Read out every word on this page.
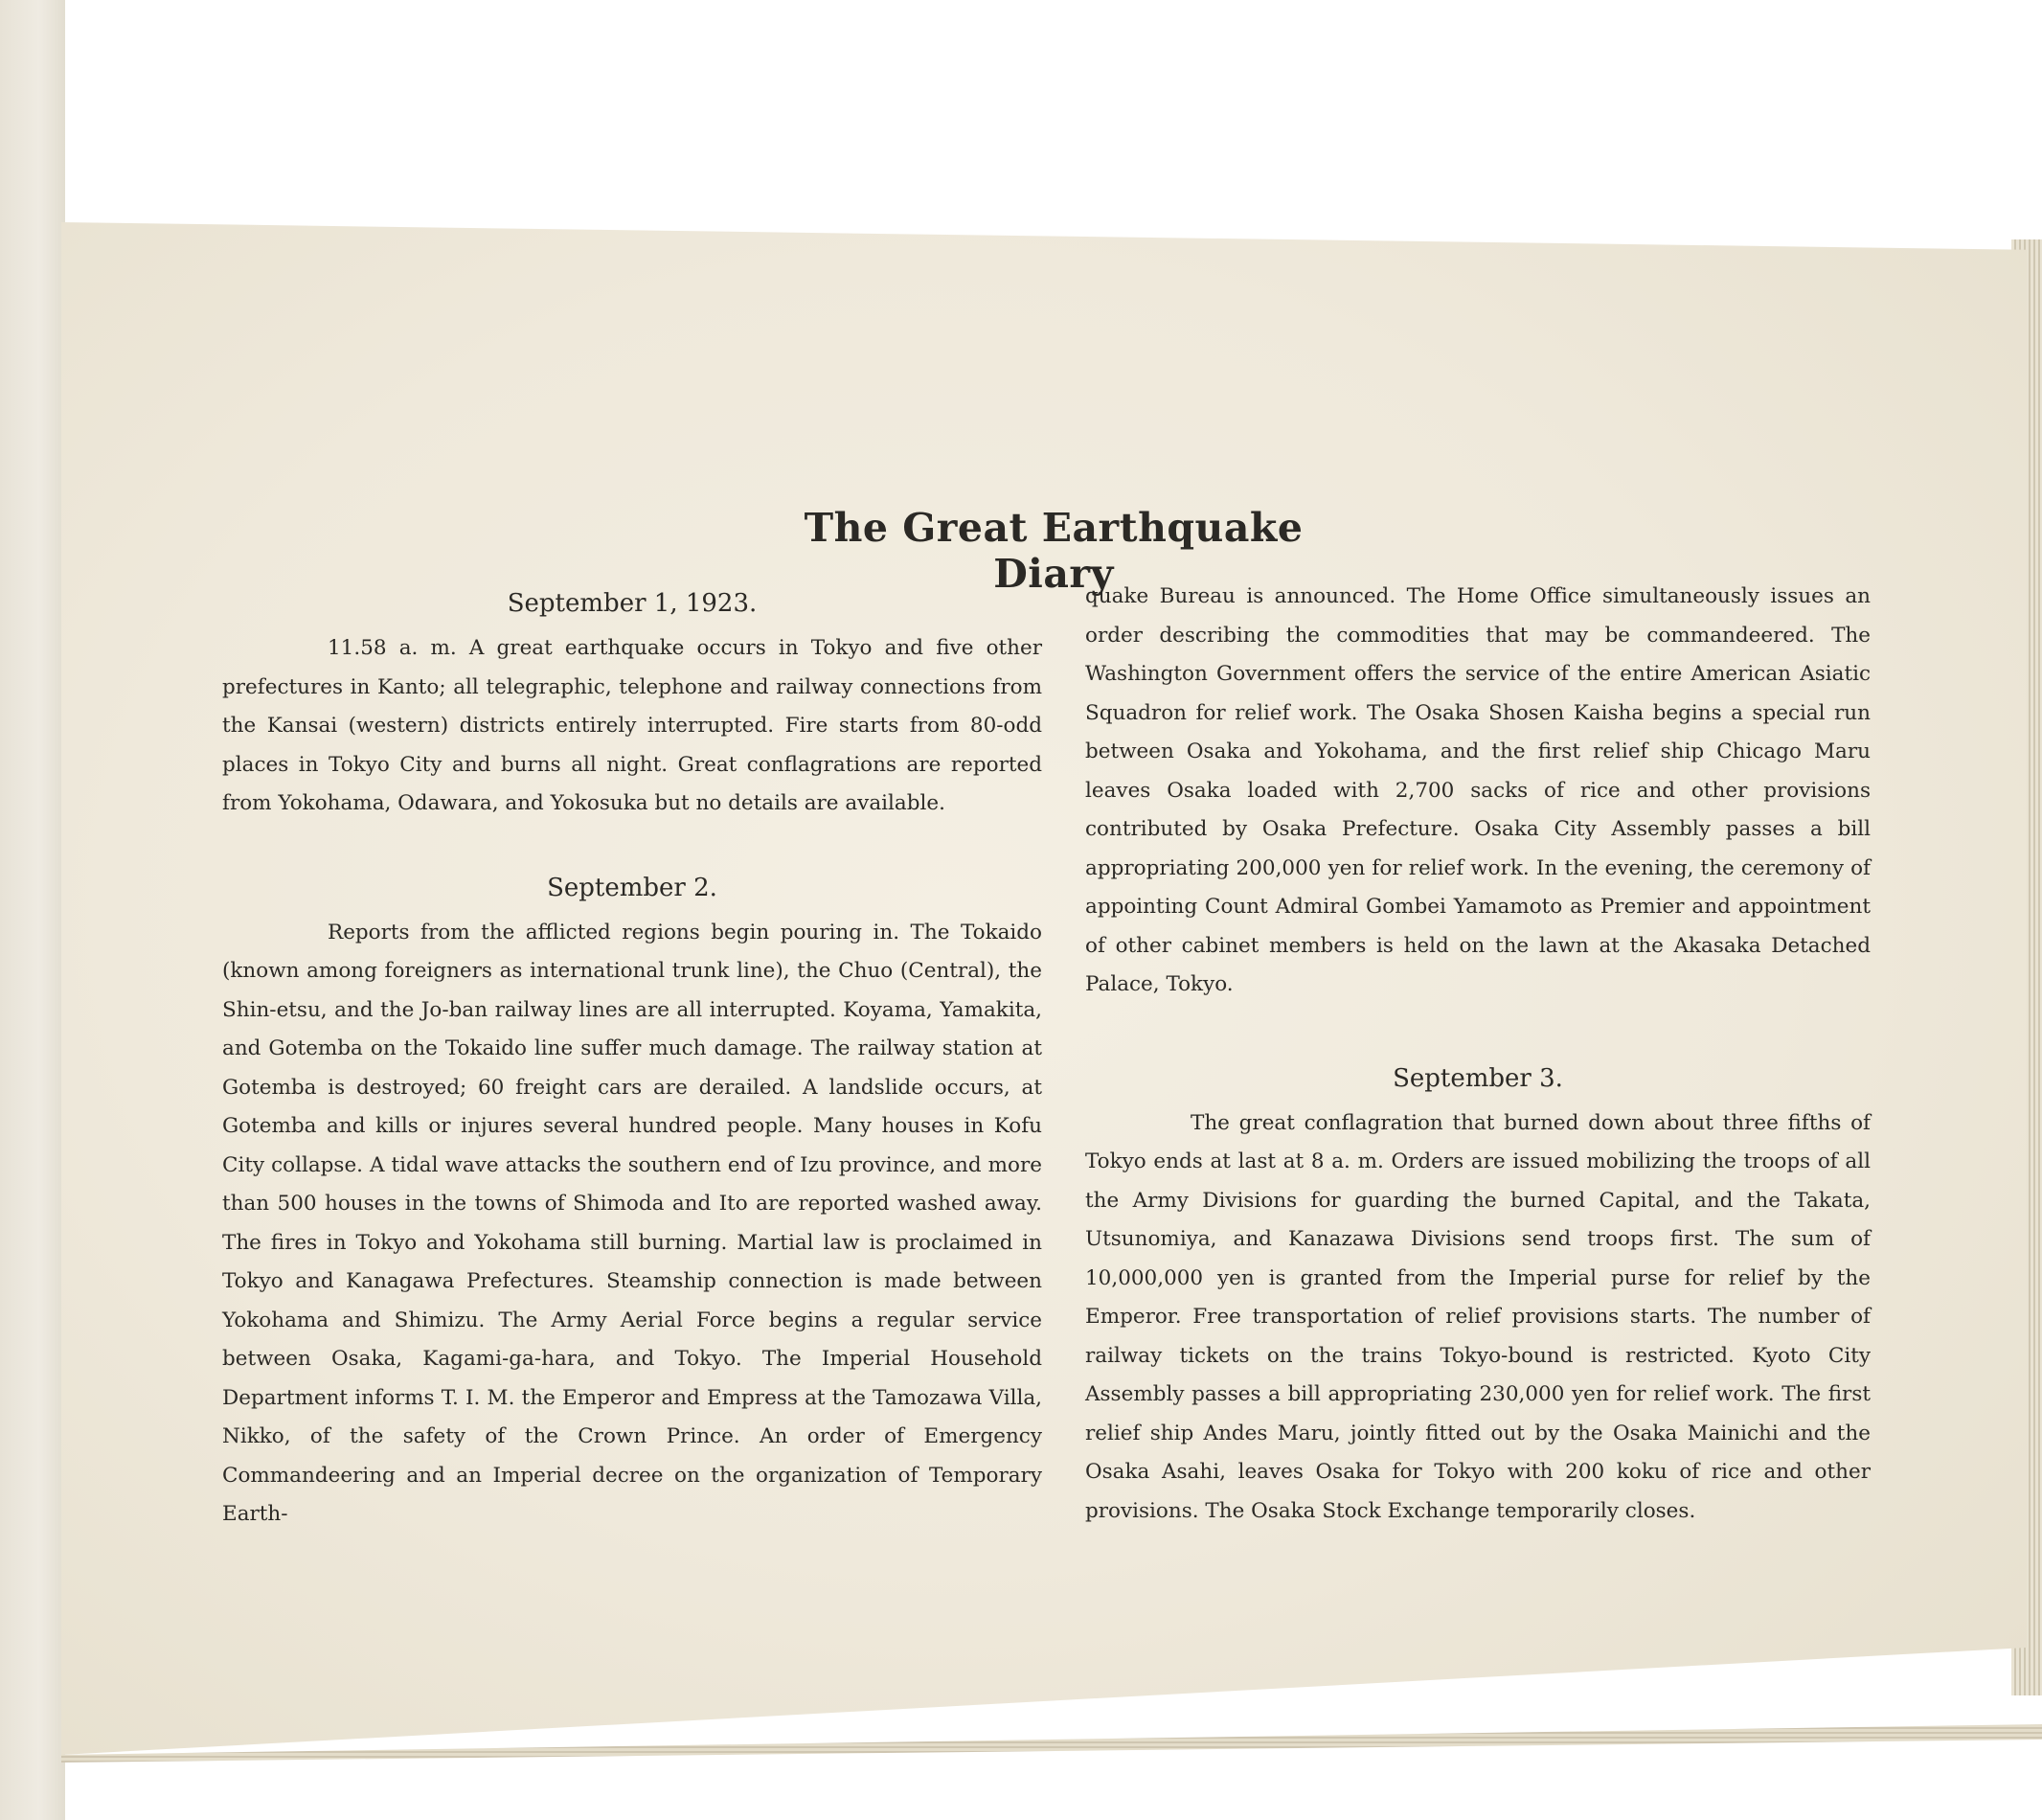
The Great Earthquake Diary
September 1, 1923.

11.58 a. m. A great earthquake occurs in Tokyo and five other prefectures in Kanto; all telegraphic, telephone and railway connections from the Kansai (western) districts entirely interrupted. Fire starts from 80-odd places in Tokyo City and burns all night. Great conflagrations are reported from Yokohama, Odawara, and Yokosuka but no details are available.

September 2.

Reports from the afflicted regions begin pouring in. The Tokaido (known among foreigners as international trunk line), the Chuo (Central), the Shin-etsu, and the Jo-ban railway lines are all interrupted. Koyama, Yamakita, and Gotemba on the Tokaido line suffer much damage. The railway station at Gotemba is destroyed; 60 freight cars are derailed. A landslide occurs, at Gotemba and kills or injures several hundred people. Many houses in Kofu City collapse. A tidal wave attacks the southern end of Izu province, and more than 500 houses in the towns of Shimoda and Ito are reported washed away. The fires in Tokyo and Yokohama still burning. Martial law is proclaimed in Tokyo and Kanagawa Prefectures. Steamship connection is made between Yokohama and Shimizu. The Army Aerial Force begins a regular service between Osaka, Kagami-ga-hara, and Tokyo. The Imperial Household Department informs T. I. M. the Emperor and Empress at the Tamozawa Villa, Nikko, of the safety of the Crown Prince. An order of Emergency Commandeering and an Imperial decree on the organization of Temporary Earth-

quake Bureau is announced. The Home Office simultaneously issues an order describing the commodities that may be commandeered. The Washington Government offers the service of the entire American Asiatic Squadron for relief work. The Osaka Shosen Kaisha begins a special run between Osaka and Yokohama, and the first relief ship Chicago Maru leaves Osaka loaded with 2,700 sacks of rice and other provisions contributed by Osaka Prefecture. Osaka City Assembly passes a bill appropriating 200,000 yen for relief work. In the evening, the ceremony of appointing Count Admiral Gombei Yamamoto as Premier and appointment of other cabinet members is held on the lawn at the Akasaka Detached Palace, Tokyo.

September 3.

The great conflagration that burned down about three fifths of Tokyo ends at last at 8 a. m. Orders are issued mobilizing the troops of all the Army Divisions for guarding the burned Capital, and the Takata, Utsunomiya, and Kanazawa Divisions send troops first. The sum of 10,000,000 yen is granted from the Imperial purse for relief by the Emperor. Free transportation of relief provisions starts. The number of railway tickets on the trains Tokyo-bound is restricted. Kyoto City Assembly passes a bill appropriating 230,000 yen for relief work. The first relief ship Andes Maru, jointly fitted out by the Osaka Mainichi and the Osaka Asahi, leaves Osaka for Tokyo with 200 koku of rice and other provisions. The Osaka Stock Exchange temporarily closes.
